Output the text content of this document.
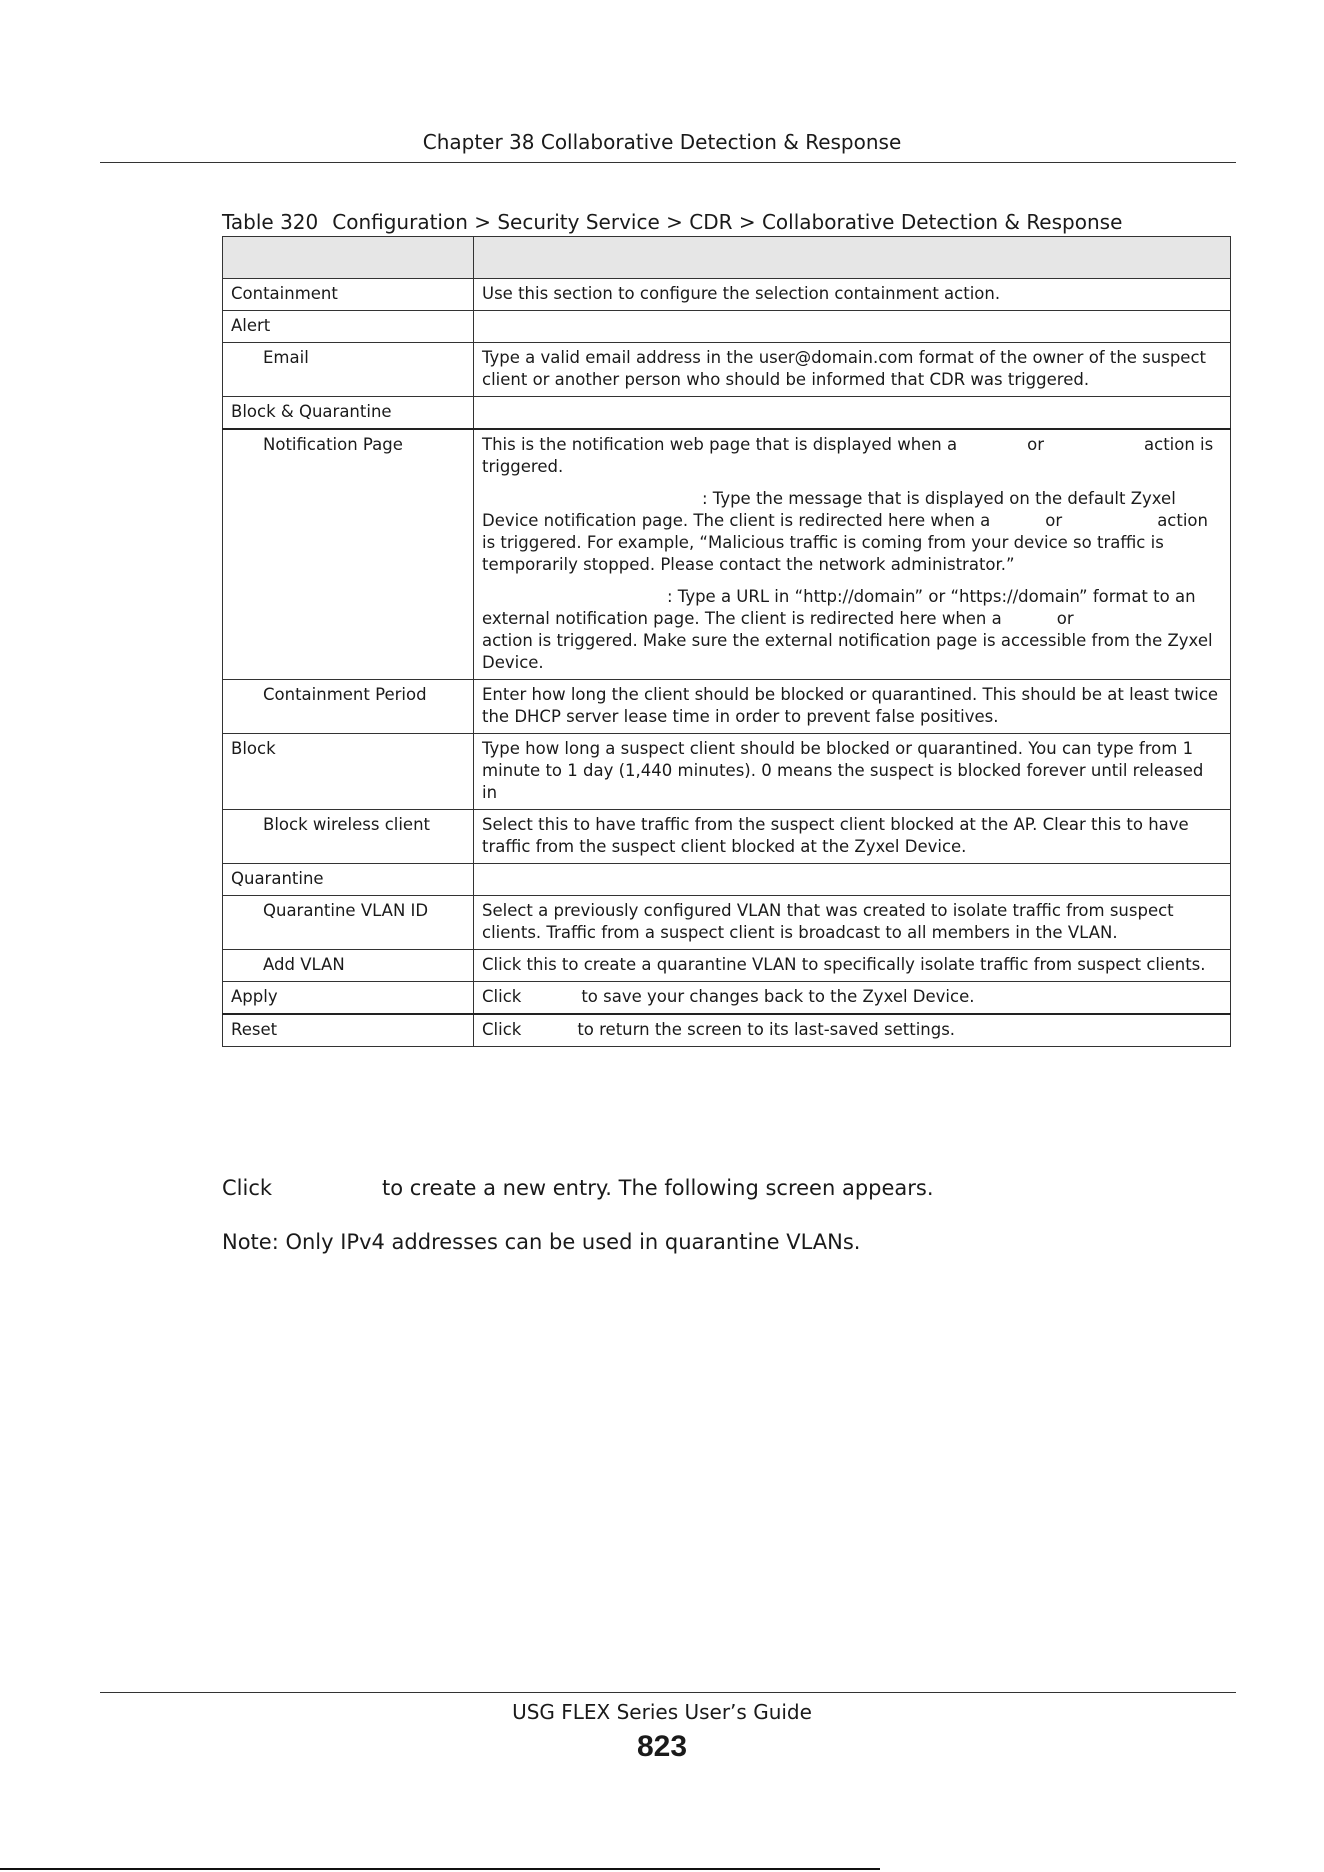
Chapter 38 Collaborative Detection & Response
Table 320 Configuration > Security Service > CDR > Collaborative Detection & Response

Containment	Use this section to configure the selection containment action.
Alert	
Email	Type a valid email address in the user@domain.com format of the owner of the suspect client or another person who should be informed that CDR was triggered.
Block & Quarantine	
Notification Page	This is the notification web page that is displayed when a or action is triggered.

: Type the message that is displayed on the default Zyxel Device notification page. The client is redirected here when a or action is triggered. For example, “Malicious traffic is coming from your device so traffic is temporarily stopped. Please contact the network administrator.”

: Type a URL in “http://domain” or “https://domain” format to an external notification page. The client is redirected here when a oraction is triggered. Make sure the external notification page is accessible from the Zyxel Device.

Containment Period	Enter how long the client should be blocked or quarantined. This should be at least twice the DHCP server lease time in order to prevent false positives.
Block	Type how long a suspect client should be blocked or quarantined. You can type from 1 minute to 1 day (1,440 minutes). 0 means the suspect is blocked forever until released in
Block wireless client	Select this to have traffic from the suspect client blocked at the AP. Clear this to have traffic from the suspect client blocked at the Zyxel Device.
Quarantine	
Quarantine VLAN ID	Select a previously configured VLAN that was created to isolate traffic from suspect clients. Traffic from a suspect client is broadcast to all members in the VLAN.
Add VLAN	Click this to create a quarantine VLAN to specifically isolate traffic from suspect clients.
Apply	Click to save your changes back to the Zyxel Device.
Reset	Click to return the screen to its last-saved settings.
Click	to create a new entry. The following screen appears.
Note: Only IPv4 addresses can be used in quarantine VLANs.
USG FLEX Series User’s Guide
823
